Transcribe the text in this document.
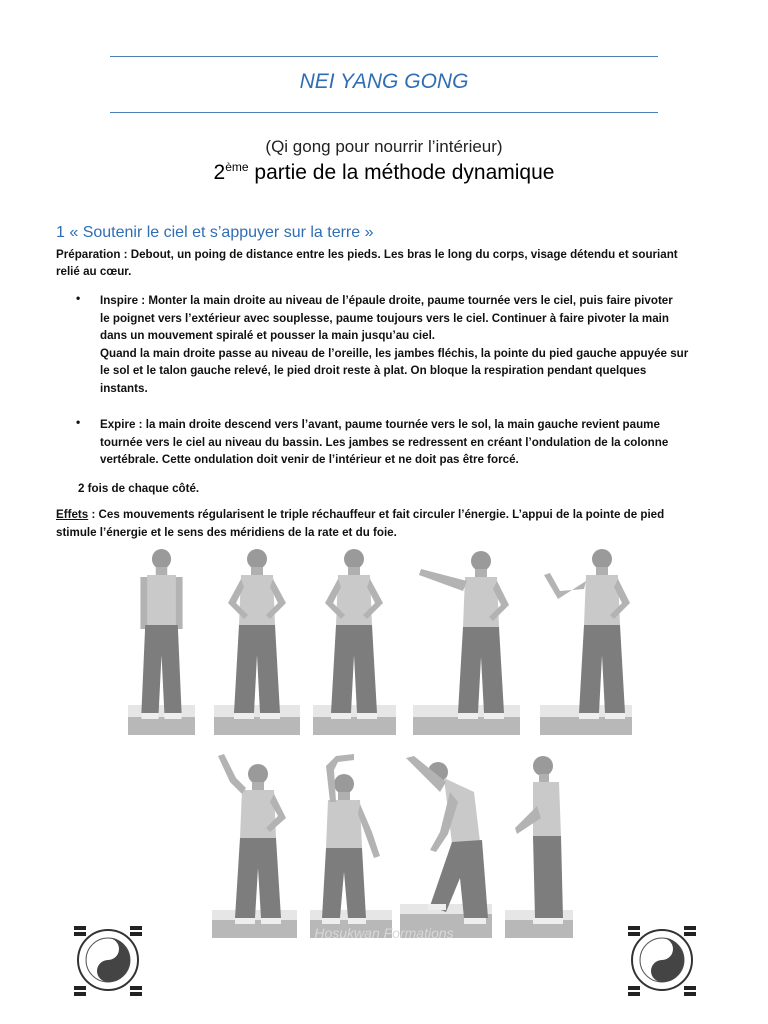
NEI YANG GONG
(Qi gong pour nourrir l’intérieur)
2ème partie de la méthode dynamique
1 « Soutenir le ciel et s’appuyer sur la terre »
Préparation : Debout, un poing de distance entre les pieds. Les bras le long du corps, visage détendu et souriant
relié au cœur.
• Inspire : Monter la main droite au niveau de l’épaule droite, paume tournée vers le ciel, puis faire pivoter
le poignet vers l’extérieur avec souplesse, paume toujours vers le ciel. Continuer à faire pivoter la main
dans un mouvement spiralé et pousser la main jusqu’au ciel.
Quand la main droite passe au niveau de l’oreille, les jambes fléchis, la pointe du pied gauche appuyée sur
le sol et le talon gauche relevé, le pied droit reste à plat. On bloque la respiration pendant quelques
instants.
• Expire : la main droite descend vers l’avant, paume tournée vers le sol, la main gauche revient paume
tournée vers le ciel au niveau du bassin. Les jambes se redressent en créant l’ondulation de la colonne
vertébrale. Cette ondulation doit venir de l’intérieur et ne doit pas être forcé.
2 fois de chaque côté.
Effets : Ces mouvements régularisent le triple réchauffeur et fait circuler l’énergie. L’appui de la pointe de pied
stimule l’énergie et le sens des méridiens de la rate et du foie.
Hosukwan Formations
